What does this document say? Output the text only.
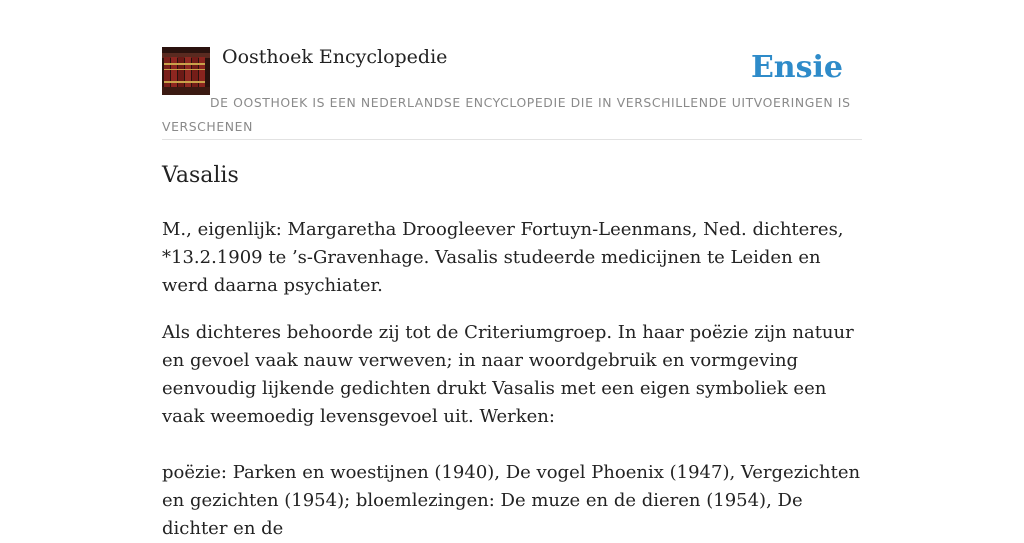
Oosthoek Encyclopedie	Ensie

DE OOSTHOEK IS EEN NEDERLANDSE ENCYCLOPEDIE DIE IN VERSCHILLENDE UITVOERINGEN IS VERSCHENEN

Vasalis

M., eigenlijk: Margaretha Droogleever Fortuyn-Leenmans, Ned. dichteres, *13.2.1909 te ’s-Gravenhage. Vasalis studeerde medicijnen te Leiden en werd daarna psychiater.

Als dichteres behoorde zij tot de Criteriumgroep. In haar poëzie zijn natuur en gevoel vaak nauw verweven; in naar woordgebruik en vormgeving eenvoudig lijkende gedichten drukt Vasalis met een eigen symboliek een vaak weemoedig levensgevoel uit. Werken:

poëzie: Parken en woestijnen (1940), De vogel Phoenix (1947), Vergezichten en gezichten (1954); bloemlezingen: De muze en de dieren (1954), De dichter en de
